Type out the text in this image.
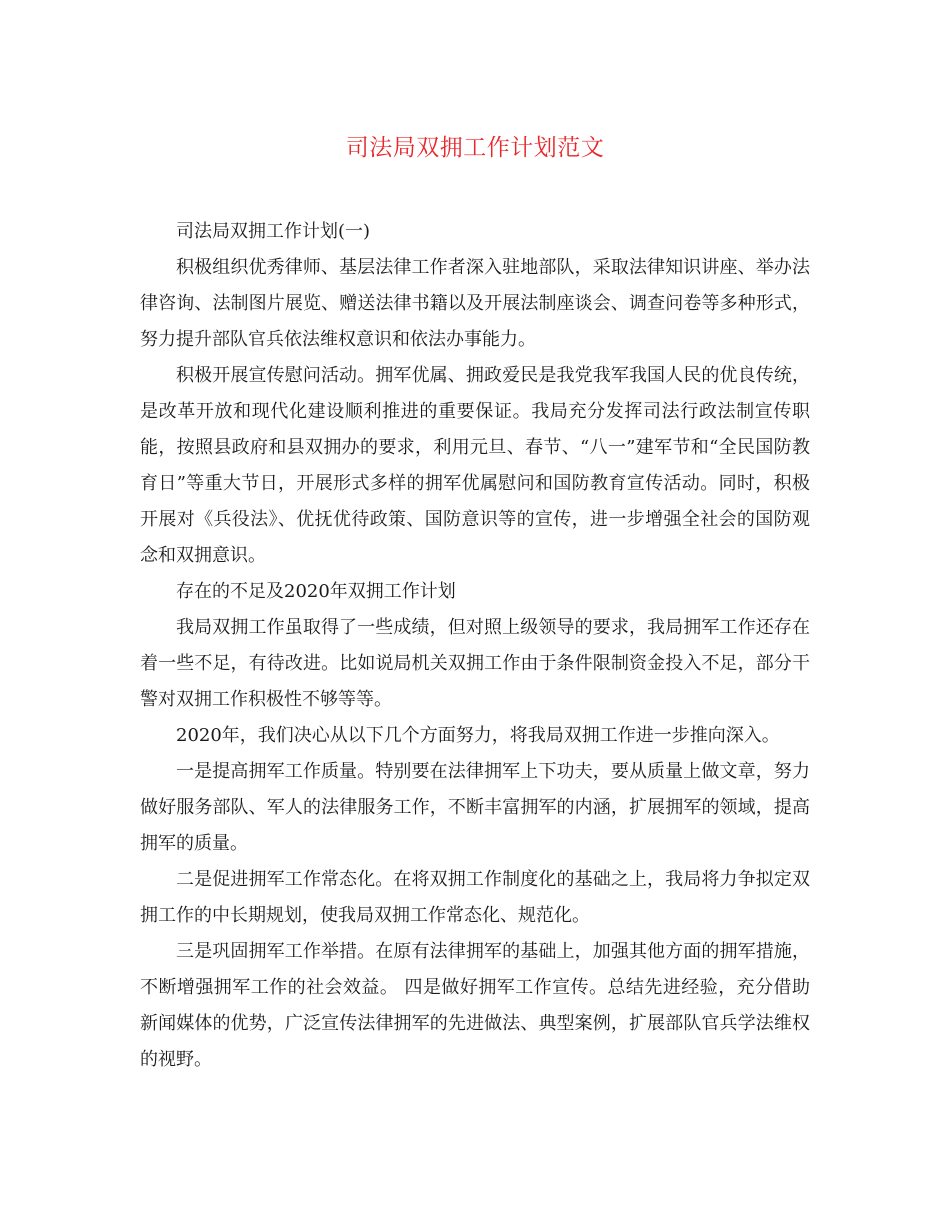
司法局双拥工作计划范文

司法局双拥工作计划(一)

积极组织优秀律师、基层法律工作者深入驻地部队，采取法律知识讲座、举办法律咨询、法制图片展览、赠送法律书籍以及开展法制座谈会、调查问卷等多种形式，努力提升部队官兵依法维权意识和依法办事能力。

积极开展宣传慰问活动。拥军优属、拥政爱民是我党我军我国人民的优良传统，是改革开放和现代化建设顺利推进的重要保证。我局充分发挥司法行政法制宣传职能，按照县政府和县双拥办的要求，利用元旦、春节、“八一”建军节和“全民国防教育日”等重大节日，开展形式多样的拥军优属慰问和国防教育宣传活动。同时，积极开展对《兵役法》、优抚优待政策、国防意识等的宣传，进一步增强全社会的国防观念和双拥意识。

存在的不足及2020年双拥工作计划

我局双拥工作虽取得了一些成绩，但对照上级领导的要求，我局拥军工作还存在着一些不足，有待改进。比如说局机关双拥工作由于条件限制资金投入不足，部分干警对双拥工作积极性不够等等。

2020年，我们决心从以下几个方面努力，将我局双拥工作进一步推向深入。

一是提高拥军工作质量。特别要在法律拥军上下功夫，要从质量上做文章，努力做好服务部队、军人的法律服务工作，不断丰富拥军的内涵，扩展拥军的领域，提高拥军的质量。

二是促进拥军工作常态化。在将双拥工作制度化的基础之上，我局将力争拟定双拥工作的中长期规划，使我局双拥工作常态化、规范化。

三是巩固拥军工作举措。在原有法律拥军的基础上，加强其他方面的拥军措施，不断增强拥军工作的社会效益。 四是做好拥军工作宣传。总结先进经验，充分借助新闻媒体的优势，广泛宣传法律拥军的先进做法、典型案例，扩展部队官兵学法维权的视野。
